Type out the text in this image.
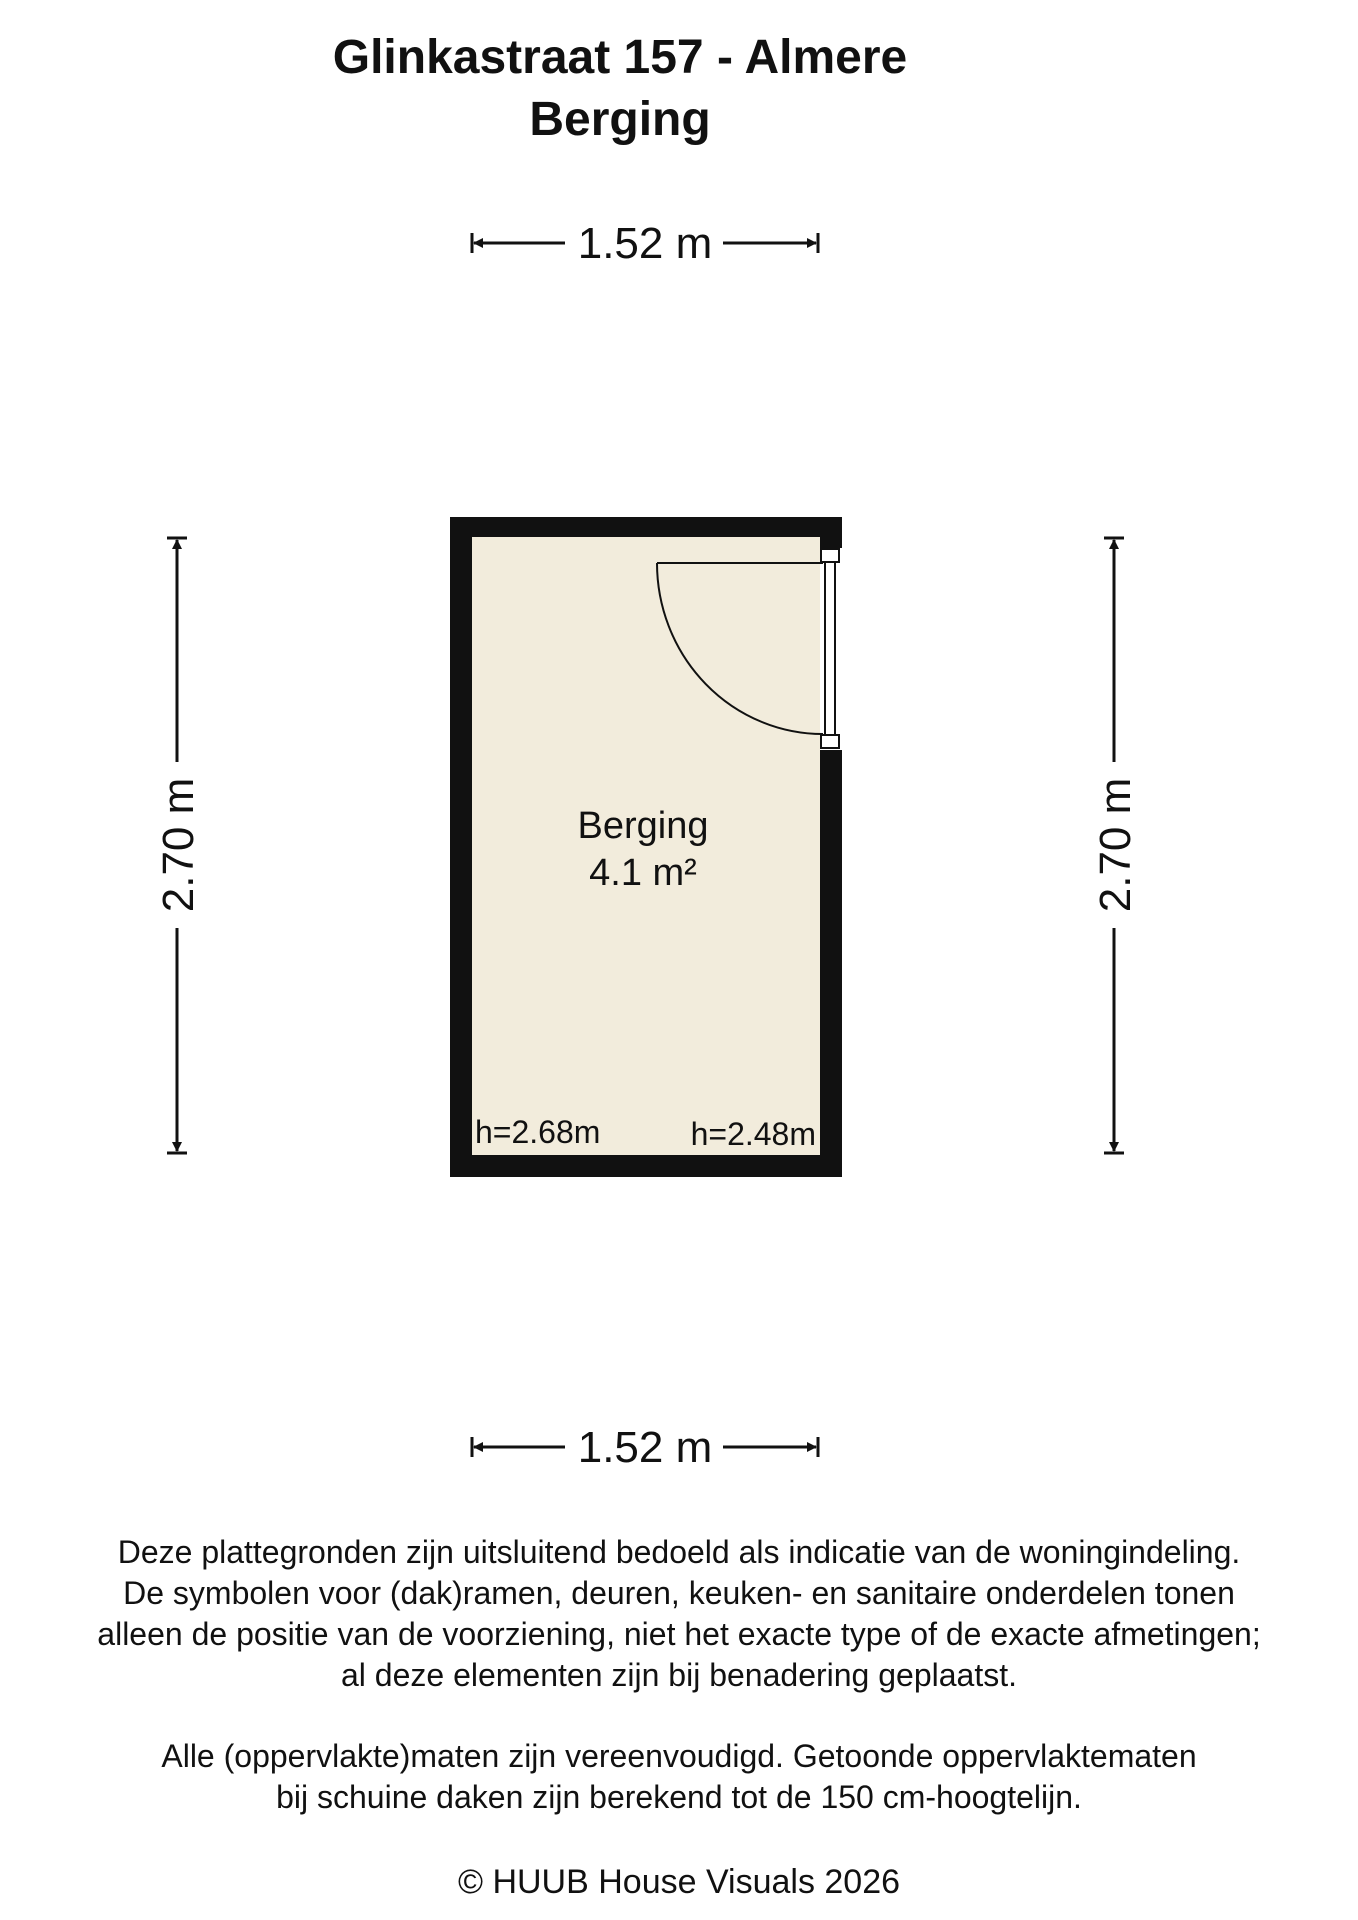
Glinkastraat 157 - Almere
Berging
1.52 m
1.52 m
2.70 m	2.70 m
Berging
4.1 m²
h=2.68m	h=2.48m
Deze plattegronden zijn uitsluitend bedoeld als indicatie van de woningindeling.
De symbolen voor (dak)ramen, deuren, keuken- en sanitaire onderdelen tonen
alleen de positie van de voorziening, niet het exacte type of de exacte afmetingen;
al deze elementen zijn bij benadering geplaatst.
Alle (oppervlakte)maten zijn vereenvoudigd. Getoonde oppervlaktematen
bij schuine daken zijn berekend tot de 150 cm-hoogtelijn.
© HUUB House Visuals 2026
